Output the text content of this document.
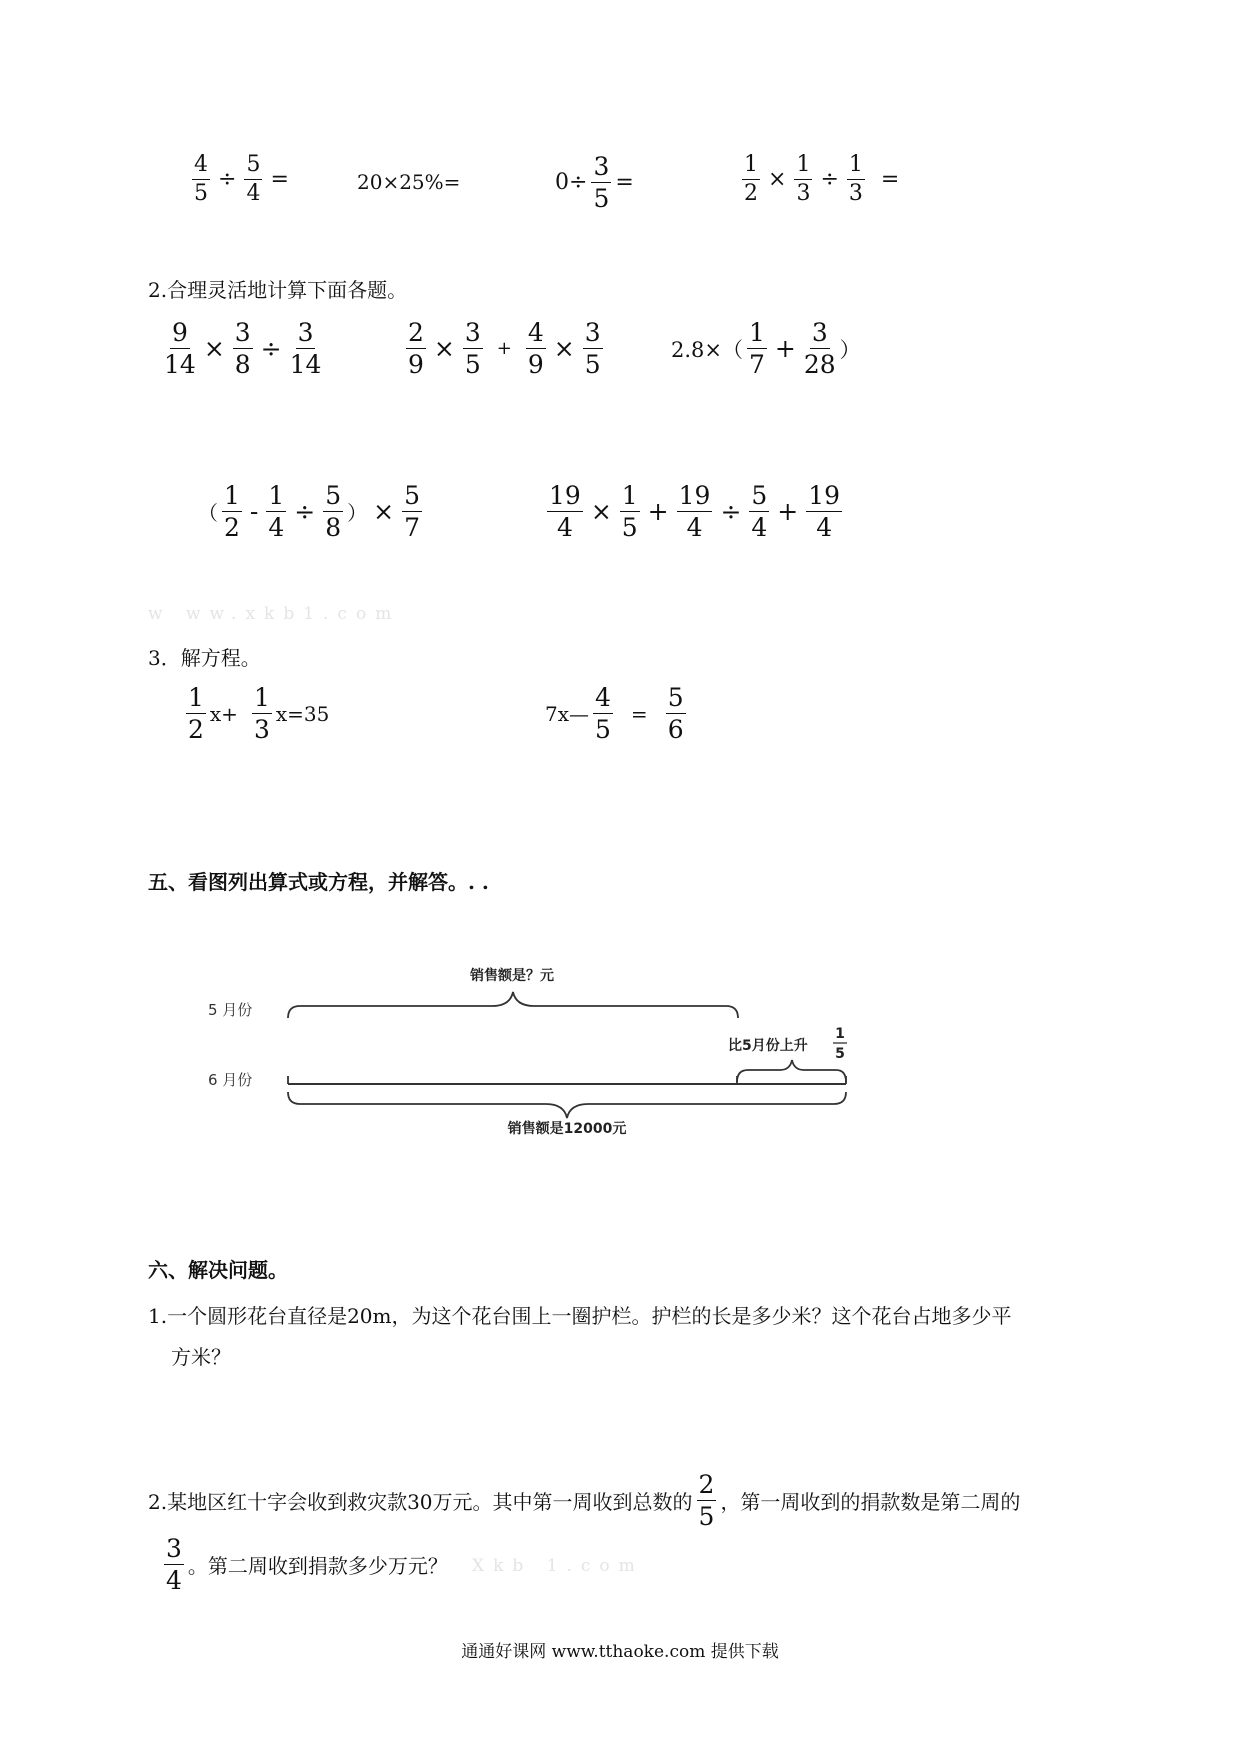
$\frac{4}{5} \div \frac{5}{4}$ =	20×25%=	$0\div \frac{3}{5}$ =	$\frac{1}{2} \times \frac{1}{3} \div \frac{1}{3}$ =
2.合理灵活地计算下面各题。
$\frac{9}{14} \times \frac{3}{8} \div \frac{3}{14}$	$\frac{2}{9} \times \frac{3}{5} + \frac{4}{9} \times \frac{3}{5}$	$2.8\times( \frac{1}{7} + \frac{3}{28}$ ）
（ $\frac{1}{2} - \frac{1}{4} \div \frac{5}{8}$ ） × $\frac{5}{7}$	$\frac{19}{4} \times \frac{1}{5} + \frac{19}{4} \div \frac{5}{4} + \frac{19}{4}$
w ww.xkb1.com
3．解方程。
$\frac{1}{2} x+ \frac{1}{3} x=35$	7x— $\frac{4}{5} = \frac{5}{6}$
五、看图列出算式或方程，并解答。. .
5 月份
6 月份
销售额是？元
比5月份上升
1
5
销售额是12000元
六、解决问题。
1.一个圆形花台直径是20m，为这个花台围上一圈护栏。护栏的长是多少米？这个花台占地多少平
方米？
2.某地区红十字会收到救灾款30万元。其中第一周收到总数的 $\frac{2}{5}$ ，第一周收到的捐款数是第二周的
$\frac{3}{4}$ 。第二周收到捐款多少万元？ Xkb 1.com
通通好课网 www.tthaoke.com 提供下载
